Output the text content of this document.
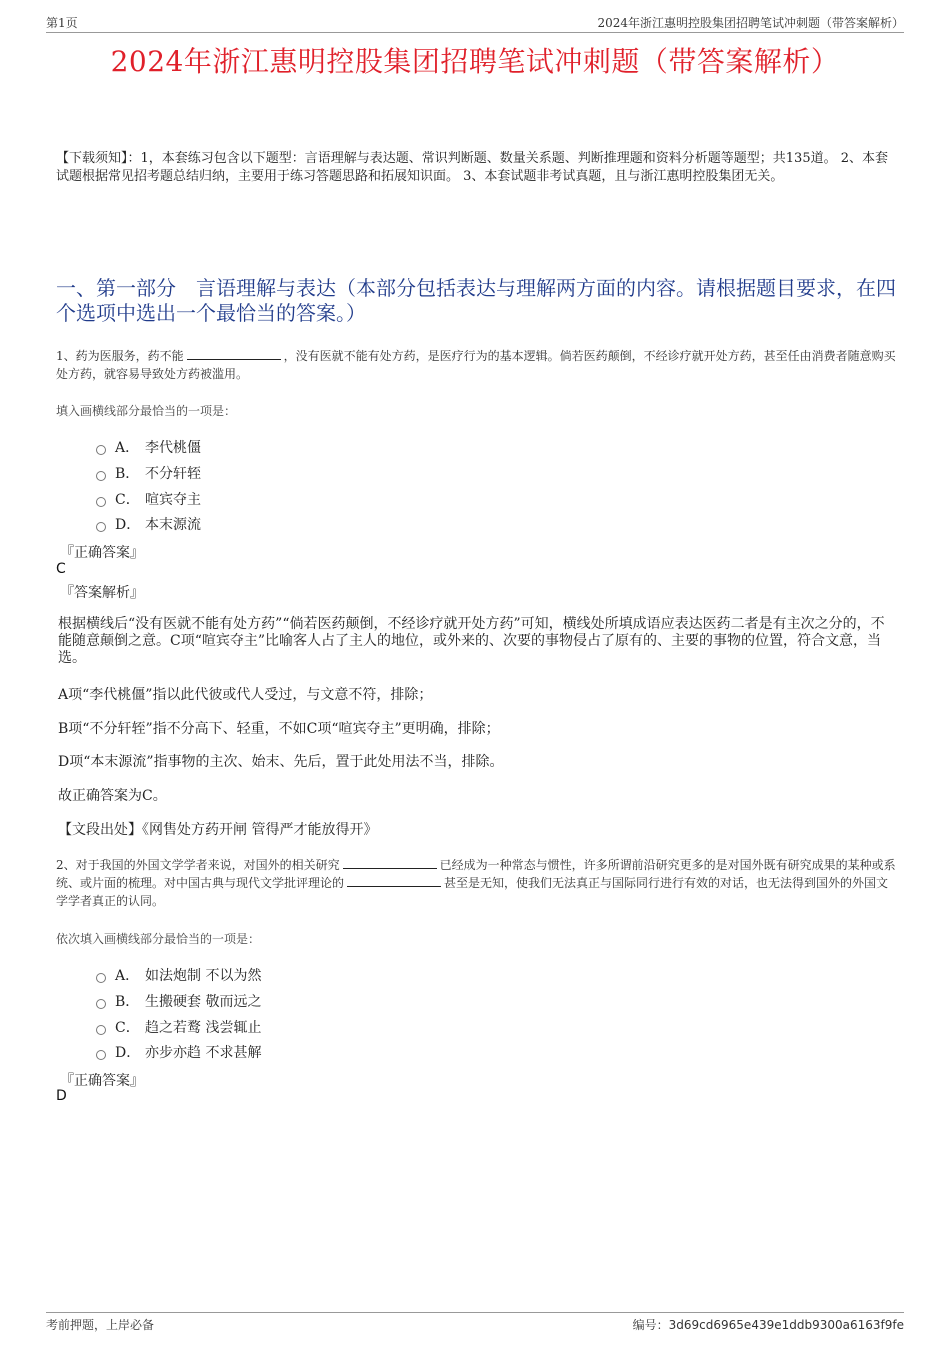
第1页	2024年浙江惠明控股集团招聘笔试冲刺题（带答案解析）
2024年浙江惠明控股集团招聘笔试冲刺题（带答案解析）
【下载须知】：1，本套练习包含以下题型：言语理解与表达题、常识判断题、数量关系题、判断推理题和资料分析题等题型；共135道。 2、本套试题根据常见招考题总结归纳，主要用于练习答题思路和拓展知识面。 3、本套试题非考试真题，且与浙江惠明控股集团无关。
一、第一部分　言语理解与表达（本部分包括表达与理解两方面的内容。请根据题目要求，在四个选项中选出一个最恰当的答案。）
1、药为医服务，药不能	，没有医就不能有处方药，是医疗行为的基本逻辑。倘若医药颠倒，不经诊疗就开处方药，甚至任由消费者随意购买处方药，就容易导致处方药被滥用。
填入画横线部分最恰当的一项是：
A． 李代桃僵
B． 不分轩轾
C． 喧宾夺主
D． 本末源流
『正确答案』
C
『答案解析』
根据横线后“没有医就不能有处方药”“倘若医药颠倒，不经诊疗就开处方药”可知，横线处所填成语应表达医药二者是有主次之分的，不能随意颠倒之意。C项“喧宾夺主”比喻客人占了主人的地位，或外来的、次要的事物侵占了原有的、主要的事物的位置，符合文意，当选。
A项“李代桃僵”指以此代彼或代人受过，与文意不符，排除；
B项“不分轩轾”指不分高下、轻重，不如C项“喧宾夺主”更明确，排除；
D项“本末源流”指事物的主次、始末、先后，置于此处用法不当，排除。
故正确答案为C。
【文段出处】《网售处方药开闸 管得严才能放得开》
2、对于我国的外国文学学者来说，对国外的相关研究	已经成为一种常态与惯性，许多所谓前沿研究更多的是对国外既有研究成果的某种或系统、或片面的梳理。对中国古典与现代文学批评理论的	甚至是无知，使我们无法真正与国际同行进行有效的对话，也无法得到国外的外国文学学者真正的认同。
依次填入画横线部分最恰当的一项是：
A． 如法炮制 不以为然
B． 生搬硬套 敬而远之
C． 趋之若鹜 浅尝辄止
D． 亦步亦趋 不求甚解
『正确答案』
D
考前押题，上岸必备	编号：3d69cd6965e439e1ddb9300a6163f9fe
